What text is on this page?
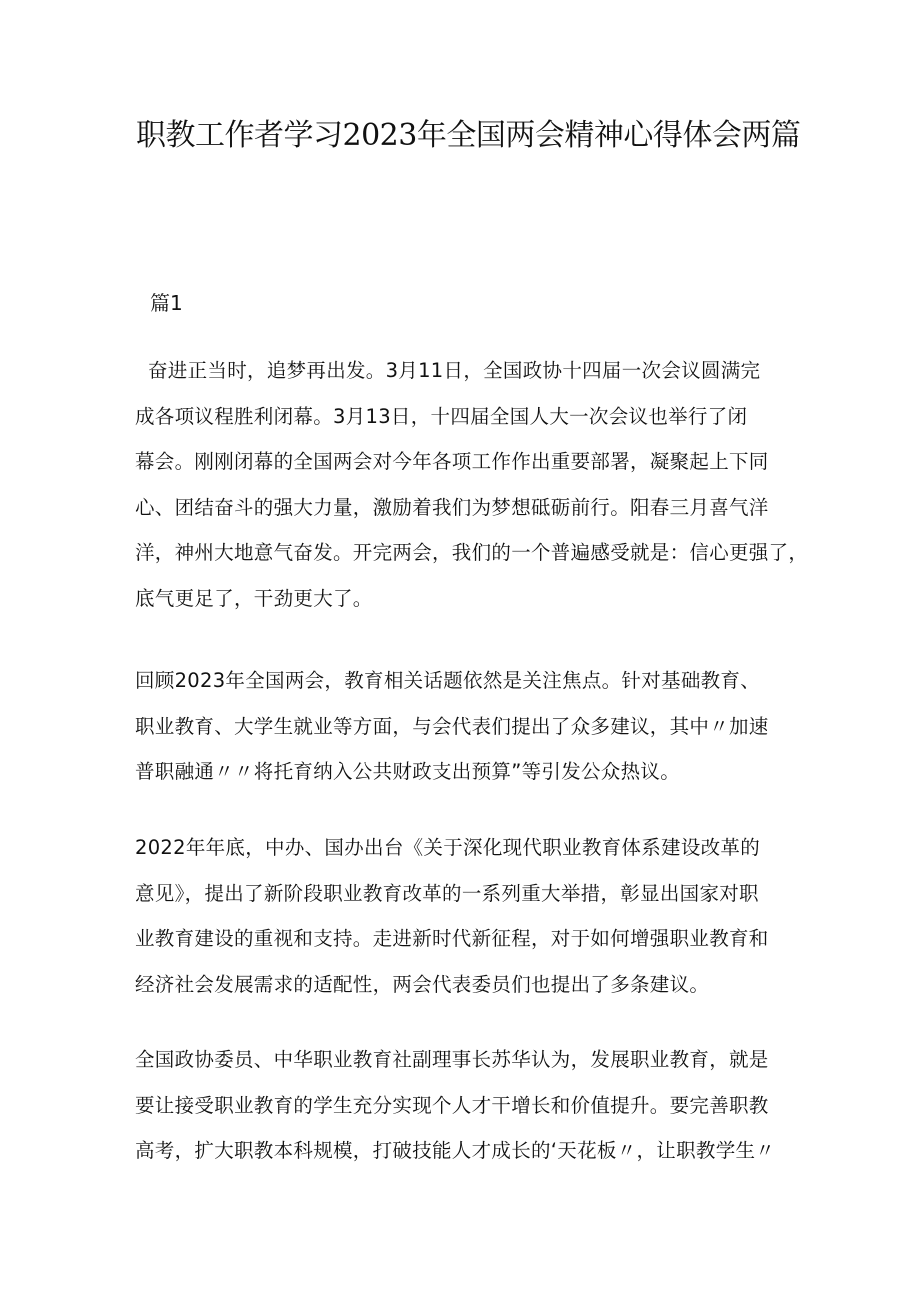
职教工作者学习2023年全国两会精神心得体会两篇
篇1
奋进正当时，追梦再出发。3月11日，全国政协十四届一次会议圆满完
成各项议程胜利闭幕。3月13日，十四届全国人大一次会议也举行了闭
幕会。刚刚闭幕的全国两会对今年各项工作作出重要部署，凝聚起上下同
心、团结奋斗的强大力量，激励着我们为梦想砥砺前行。阳春三月喜气洋
洋，神州大地意气奋发。开完两会，我们的一个普遍感受就是：信心更强了，
底气更足了，干劲更大了。
回顾2023年全国两会，教育相关话题依然是关注焦点。针对基础教育、
职业教育、大学生就业等方面，与会代表们提出了众多建议，其中〃加速
普职融通〃〃将托育纳入公共财政支出预算”等引发公众热议。
2022年年底，中办、国办出台《关于深化现代职业教育体系建设改革的
意见》，提出了新阶段职业教育改革的一系列重大举措，彰显出国家对职
业教育建设的重视和支持。走进新时代新征程，对于如何增强职业教育和
经济社会发展需求的适配性，两会代表委员们也提出了多条建议。
全国政协委员、中华职业教育社副理事长苏华认为，发展职业教育，就是
要让接受职业教育的学生充分实现个人才干增长和价值提升。要完善职教
高考，扩大职教本科规模，打破技能人才成长的‘天花板〃，让职教学生〃
